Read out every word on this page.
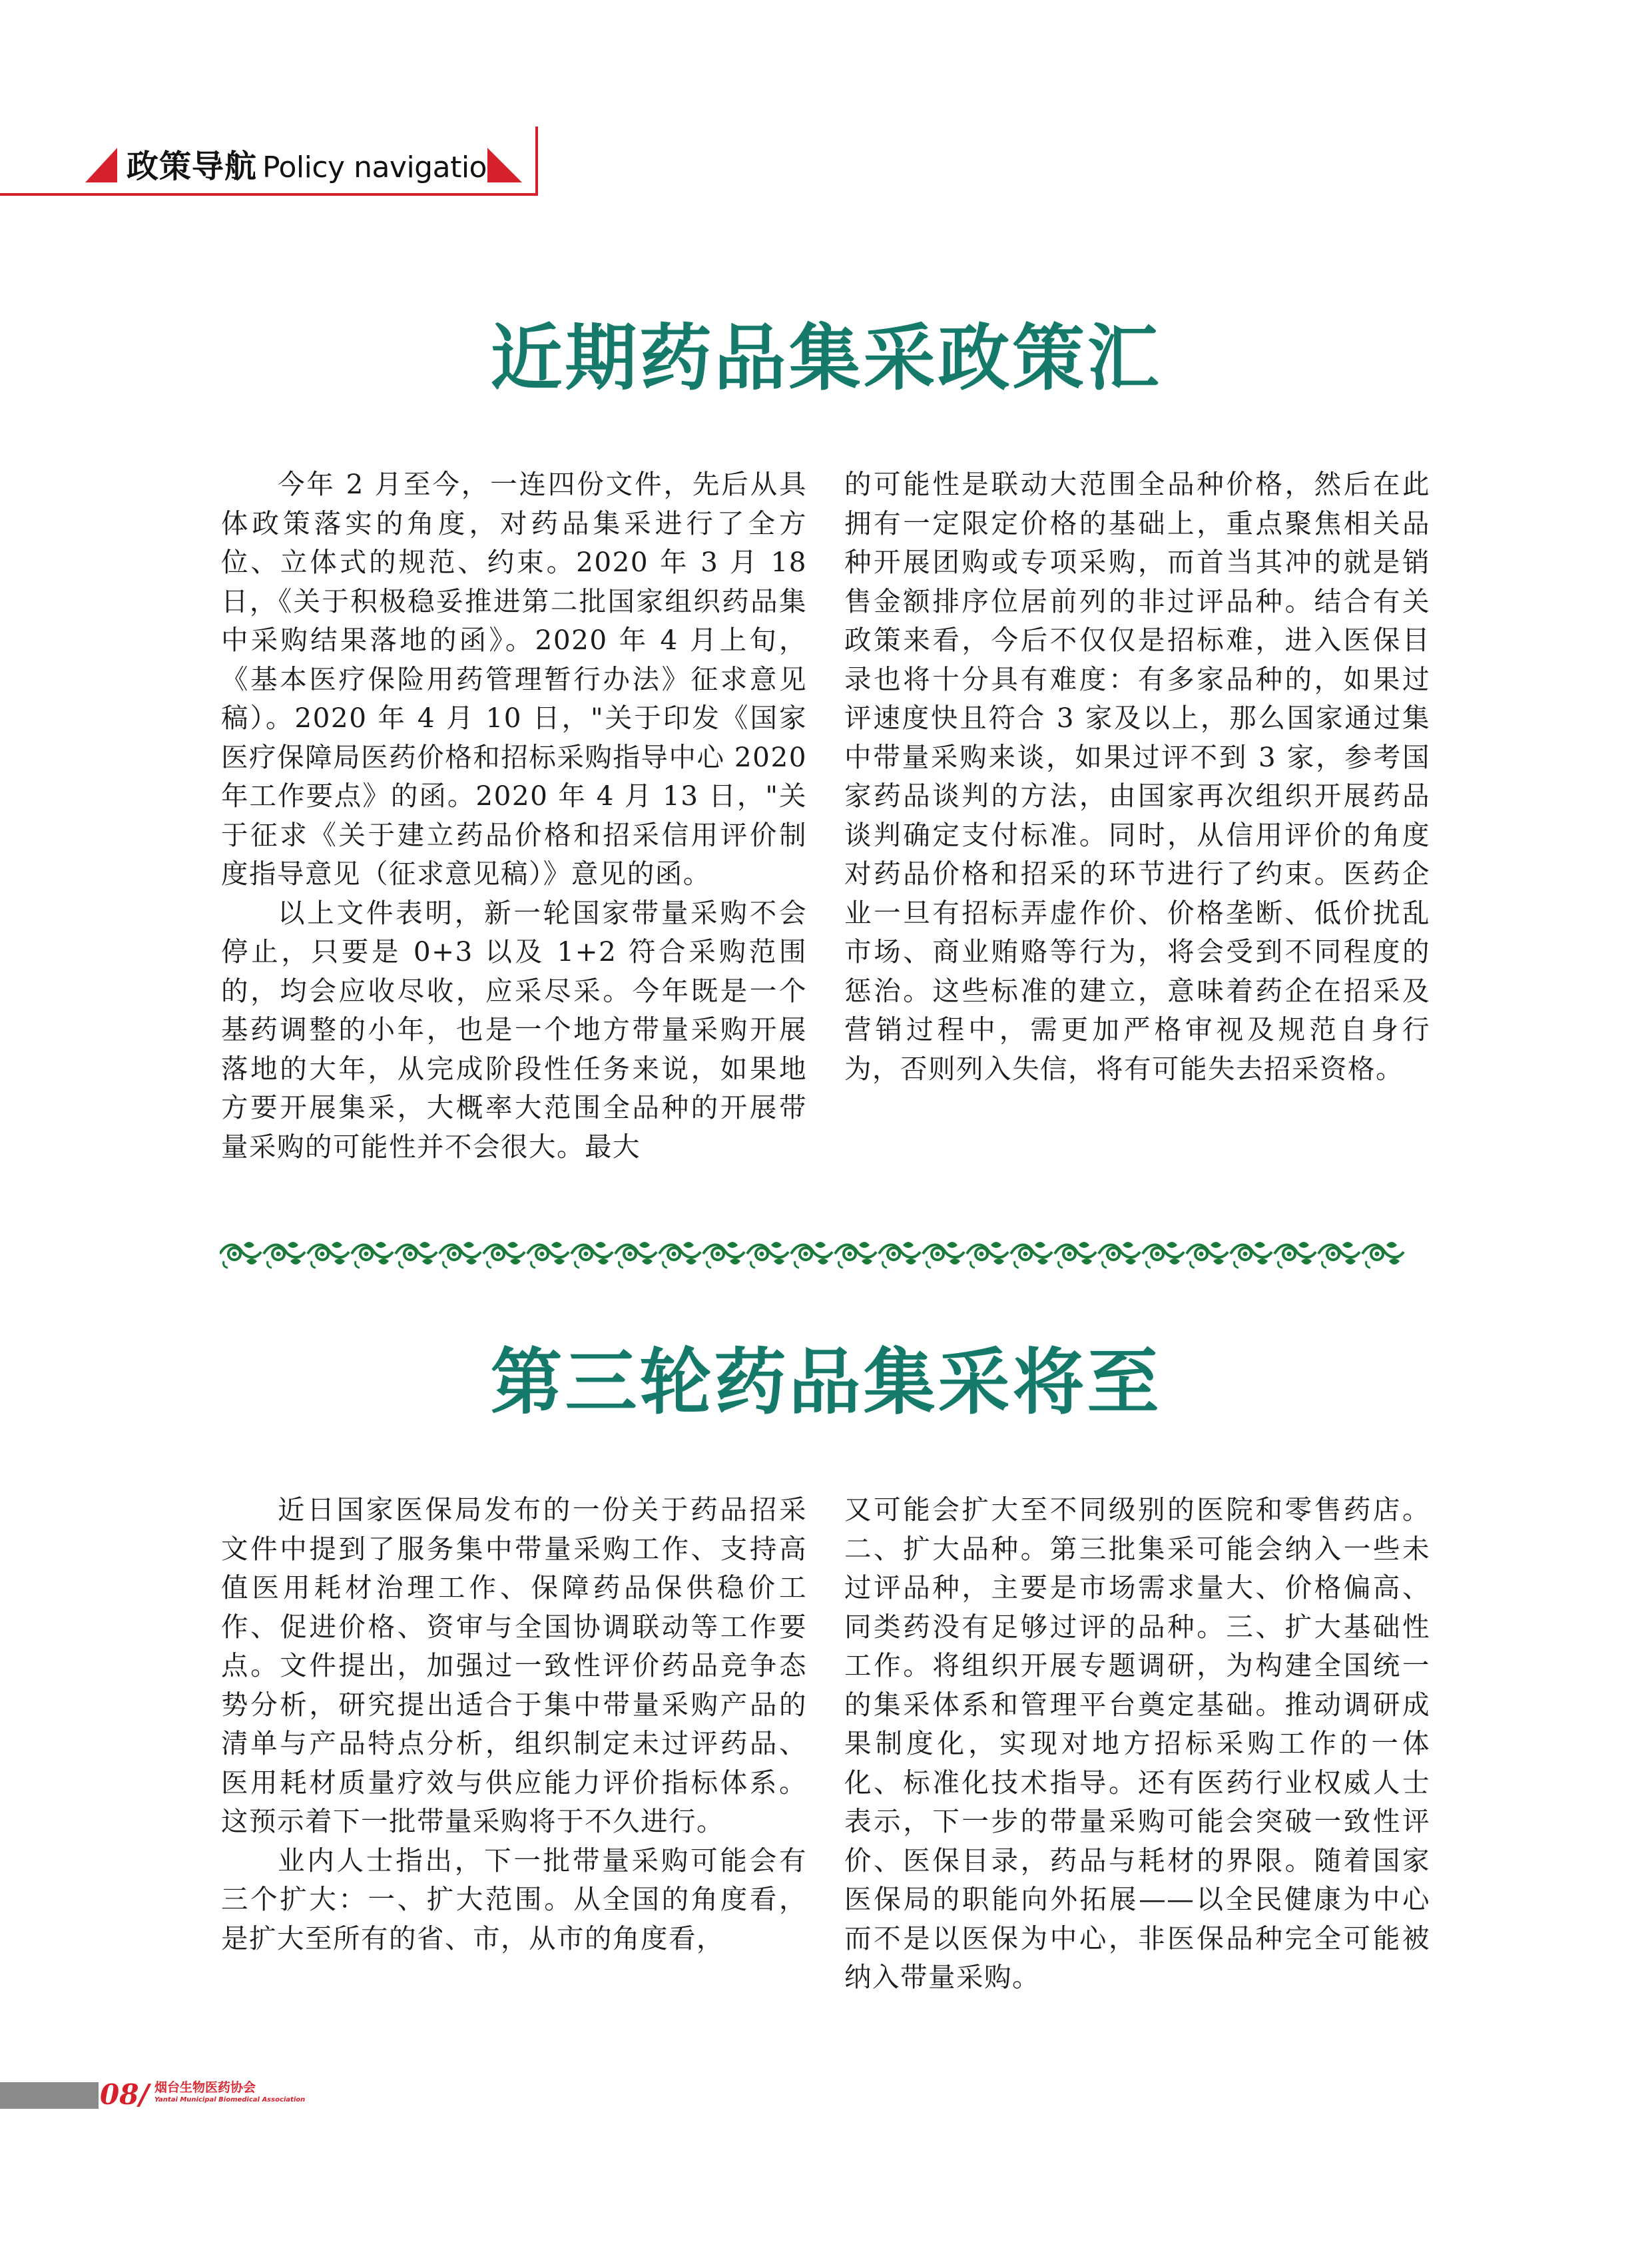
政策导航 Policy navigation
近期药品集采政策汇

今年 2 月至今，一连四份文件，先后从具体政策落实的角度，对药品集采进行了全方位、立体式的规范、约束。2020 年 3 月 18 日，《关于积极稳妥推进第二批国家组织药品集中采购结果落地的函》。2020 年 4 月上旬，《基本医疗保险用药管理暂行办法》征求意见稿）。2020 年 4 月 10 日，"关于印发《国家医疗保障局医药价格和招标采购指导中心 2020 年工作要点》的函。2020 年 4 月 13 日，"关于征求《关于建立药品价格和招采信用评价制度指导意见（征求意见稿）》意见的函。

以上文件表明，新一轮国家带量采购不会停止，只要是 0+3 以及 1+2 符合采购范围的，均会应收尽收，应采尽采。今年既是一个基药调整的小年，也是一个地方带量采购开展落地的大年，从完成阶段性任务来说，如果地方要开展集采，大概率大范围全品种的开展带量采购的可能性并不会很大。最大

的可能性是联动大范围全品种价格，然后在此拥有一定限定价格的基础上，重点聚焦相关品种开展团购或专项采购，而首当其冲的就是销售金额排序位居前列的非过评品种。结合有关政策来看，今后不仅仅是招标难，进入医保目录也将十分具有难度：有多家品种的，如果过评速度快且符合 3 家及以上，那么国家通过集中带量采购来谈，如果过评不到 3 家，参考国家药品谈判的方法，由国家再次组织开展药品谈判确定支付标准。同时，从信用评价的角度对药品价格和招采的环节进行了约束。医药企业一旦有招标弄虚作价、价格垄断、低价扰乱市场、商业贿赂等行为，将会受到不同程度的惩治。这些标准的建立，意味着药企在招采及营销过程中，需更加严格审视及规范自身行为，否则列入失信，将有可能失去招采资格。

第三轮药品集采将至

近日国家医保局发布的一份关于药品招采文件中提到了服务集中带量采购工作、支持高值医用耗材治理工作、保障药品保供稳价工作、促进价格、资审与全国协调联动等工作要点。文件提出，加强过一致性评价药品竞争态势分析，研究提出适合于集中带量采购产品的清单与产品特点分析，组织制定未过评药品、医用耗材质量疗效与供应能力评价指标体系。这预示着下一批带量采购将于不久进行。

业内人士指出，下一批带量采购可能会有三个扩大：一、扩大范围。从全国的角度看，是扩大至所有的省、市，从市的角度看，

又可能会扩大至不同级别的医院和零售药店。二、扩大品种。第三批集采可能会纳入一些未过评品种，主要是市场需求量大、价格偏高、同类药没有足够过评的品种。三、扩大基础性工作。将组织开展专题调研，为构建全国统一的集采体系和管理平台奠定基础。推动调研成果制度化，实现对地方招标采购工作的一体化、标准化技术指导。还有医药行业权威人士表示，下一步的带量采购可能会突破一致性评价、医保目录，药品与耗材的界限。随着国家医保局的职能向外拓展——以全民健康为中心而不是以医保为中心，非医保品种完全可能被纳入带量采购。

08/ 烟台生物医药协会
Yantai Municipal Biomedical Association
